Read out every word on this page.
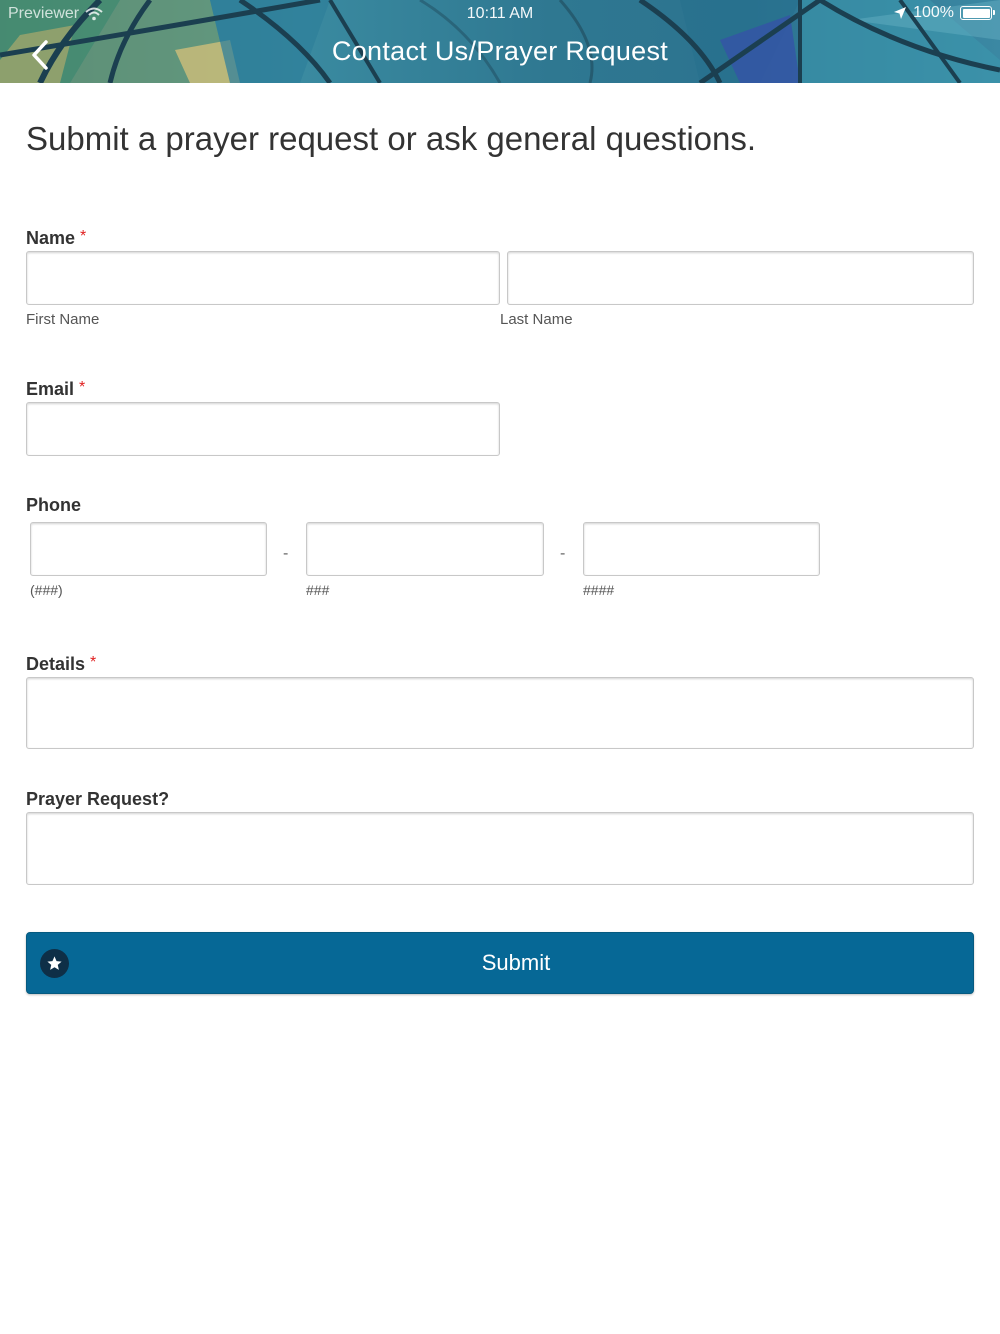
Previewer	10:11 AM	100%
Contact Us/Prayer Request
Submit a prayer request or ask general questions.
Name *
First Name	Last Name
Email *
Phone
-	-
(###)	###	####
Details *
Prayer Request?
Submit
